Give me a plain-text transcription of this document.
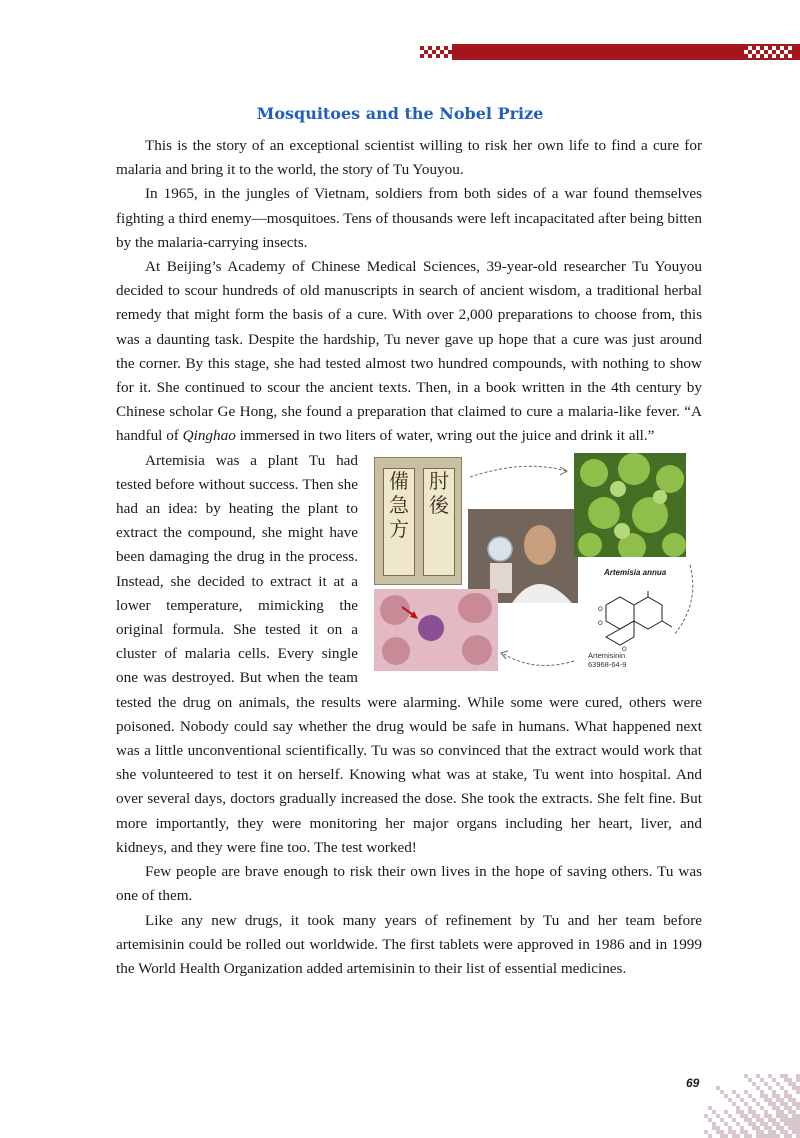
Mosquitoes and the Nobel Prize

This is the story of an exceptional scientist willing to risk her own life to find a cure for malaria and bring it to the world, the story of Tu Youyou.

In 1965, in the jungles of Vietnam, soldiers from both sides of a war found themselves fighting a third enemy—mosquitoes. Tens of thousands were left incapacitated after being bitten by the malaria-carrying insects.

At Beijing’s Academy of Chinese Medical Sciences, 39-year-old researcher Tu Youyou decided to scour hundreds of old manuscripts in search of ancient wisdom, a traditional herbal remedy that might form the basis of a cure. With over 2,000 preparations to choose from, this was a daunting task. Despite the hardship, Tu never gave up hope that a cure was just around the corner. By this stage, she had tested almost two hundred compounds, with nothing to show for it. She continued to scour the ancient texts. Then, in a book written in the 4th century by Chinese scholar Ge Hong, she found a preparation that claimed to cure a malaria-like fever. “A handful of Qinghao immersed in two liters of water, wring out the juice and drink it all.”

肘後
備急方
Artemisia annua
O
O
O
Artemisinin
63968-64-9

Artemisia was a plant Tu had tested before without success. Then she had an idea: by heating the plant to extract the compound, she might have been damaging the drug in the process. Instead, she decided to extract it at a lower temperature, mimicking the original formula. She tested it on a cluster of malaria cells. Every single one was destroyed. But when the team tested the drug on animals, the results were alarming. While some were cured, others were poisoned. Nobody could say whether the drug would be safe in humans. What happened next was a little unconventional scientifically. Tu was so convinced that the extract would work that she volunteered to test it on herself. Knowing what was at stake, Tu went into hospital. And over several days, doctors gradually increased the dose. She took the extracts. She felt fine. But more importantly, they were monitoring her major organs including her heart, liver, and kidneys, and they were fine too. The test worked!

Few people are brave enough to risk their own lives in the hope of saving others. Tu was one of them.

Like any new drugs, it took many years of refinement by Tu and her team before artemisinin could be rolled out worldwide. The first tablets were approved in 1986 and in 1999 the World Health Organization added artemisinin to their list of essential medicines.

69
